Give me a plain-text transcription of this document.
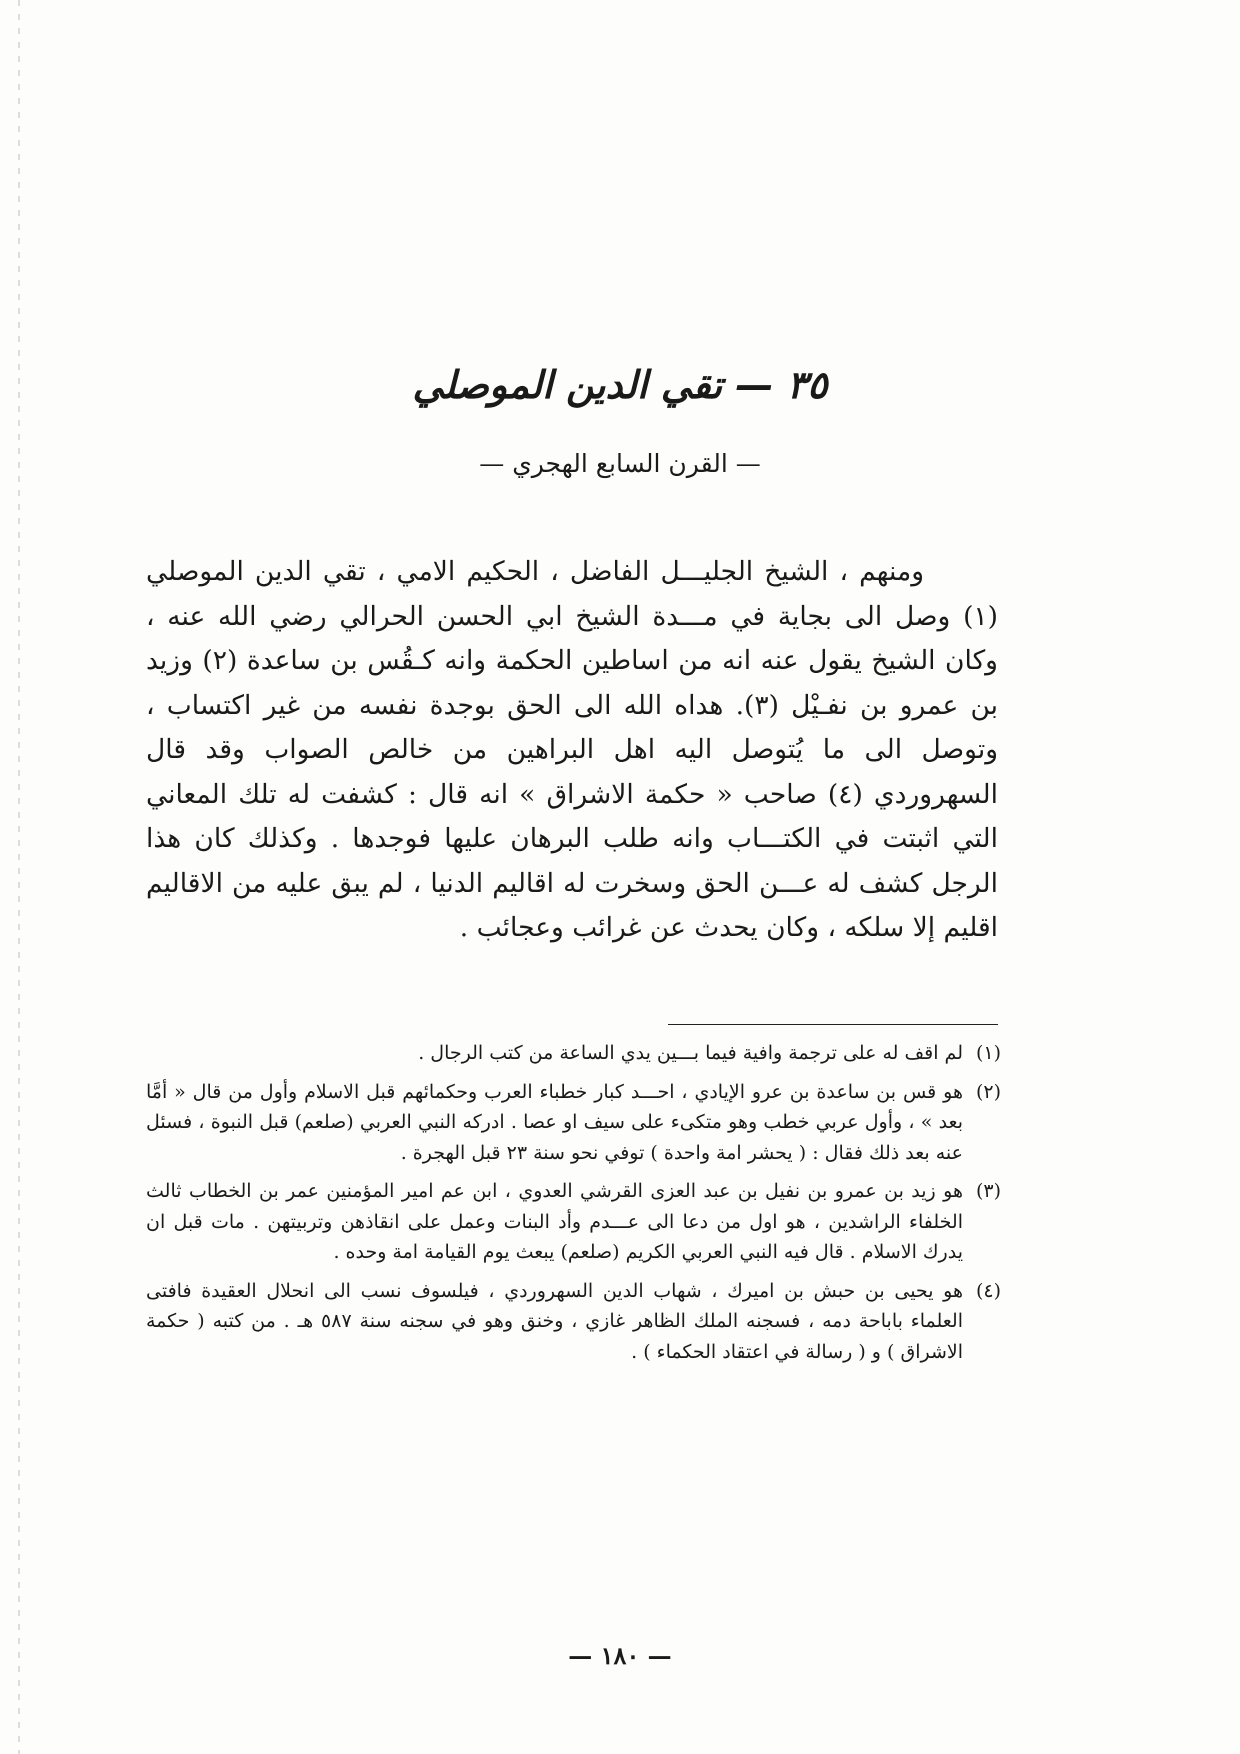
٣٥ — تقي الدين الموصلي
— القرن السابع الهجري —

ومنهم ، الشيخ الجليـــل الفاضل ، الحكيم الامي ، تقي الدين الموصلي (١) وصل الى بجاية في مـــدة الشيخ ابي الحسن الحرالي رضي الله عنه ، وكان الشيخ يقول عنه انه من اساطين الحكمة وانه كـقُس بن ساعدة (٢) وزيد بن عمرو بن نفـيْل (٣). هداه الله الى الحق بوجدة نفسه من غير اكتساب ، وتوصل الى ما يُتوصل اليه اهل البراهين من خالص الصواب وقد قال السهروردي (٤) صاحب « حكمة الاشراق » انه قال : كشفت له تلك المعاني التي اثبتت في الكتـــاب وانه طلب البرهان عليها فوجدها . وكذلك كان هذا الرجل كشف له عـــن الحق وسخرت له اقاليم الدنيا ، لم يبق عليه من الاقاليم اقليم إلا سلكه ، وكان يحدث عن غرائب وعجائب .

(١)
لم اقف له على ترجمة وافية فيما بـــين يدي الساعة من كتب الرجال .
(٢)
هو قس بن ساعدة بن عرو الإيادي ، احـــد كبار خطباء العرب وحكمائهم قبل الاسلام وأول من قال « أمَّا بعد » ، وأول عربي خطب وهو متكىء على سيف او عصا . ادركه النبي العربي (صلعم) قبل النبوة ، فسئل عنه بعد ذلك فقال : ( يحشر امة واحدة ) توفي نحو سنة ٢٣ قبل الهجرة .
(٣)
هو زيد بن عمرو بن نفيل بن عبد العزى القرشي العدوي ، ابن عم امير المؤمنين عمر بن الخطاب ثالث الخلفاء الراشدين ، هو اول من دعا الى عـــدم وأد البنات وعمل على انقاذهن وتربيتهن . مات قبل ان يدرك الاسلام . قال فيه النبي العربي الكريم (صلعم) يبعث يوم القيامة امة وحده .
(٤)
هو يحيى بن حبش بن اميرك ، شهاب الدين السهروردي ، فيلسوف نسب الى انحلال العقيدة فافتى العلماء باباحة دمه ، فسجنه الملك الظاهر غازي ، وخنق وهو في سجنه سنة ٥٨٧ هـ . من كتبه ( حكمة الاشراق ) و ( رسالة في اعتقاد الحكماء ) .
— ١٨٠ —
